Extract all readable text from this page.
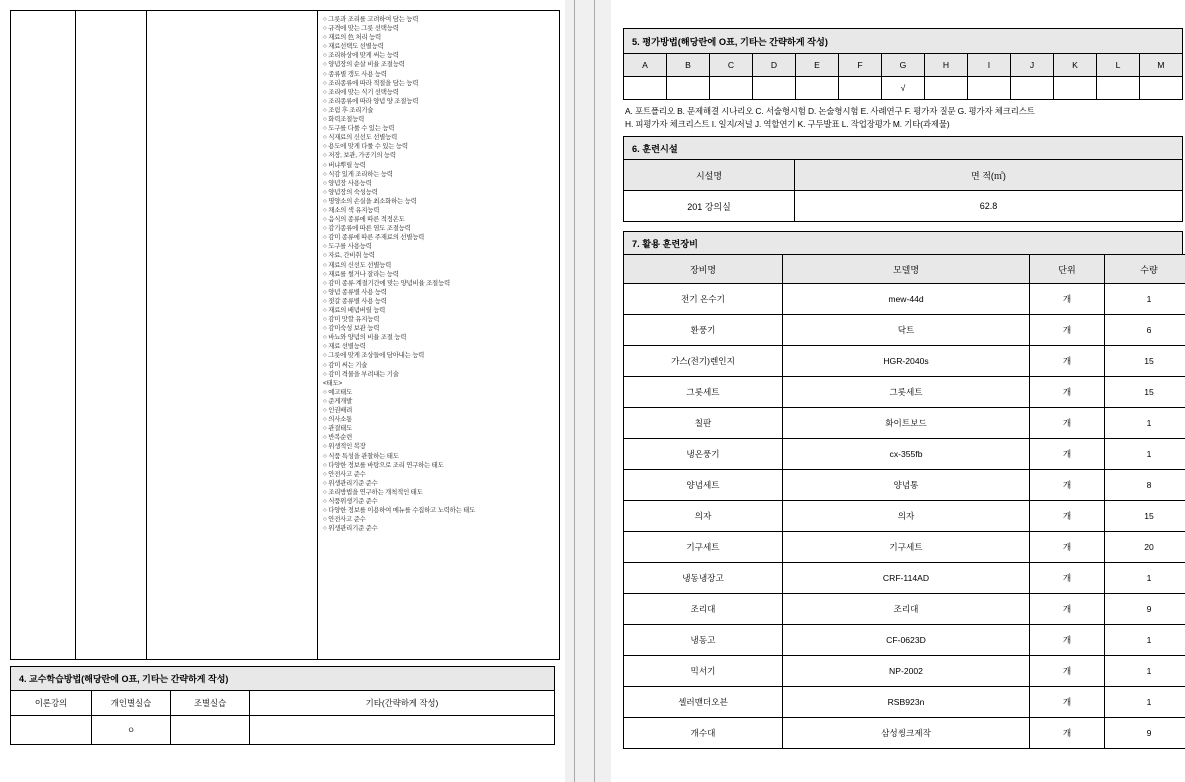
○ 그릇과 조리를 고려하여 담는 능력
○ 규격에 맞는 그릇 선택능력
○ 재료의 色 처리 능력
○ 재료선택도 선별능력
○ 조리하상에 맞게 써는 능력
○ 양념장의 순살 비율 조절능력
○ 종류별 갱도 사용 능력
○ 조리종류에 따라 적절을 담는 능력
○ 조리에 맞는 식기 선택능력
○ 조리종류에 따라 양념 양 조절능력
○ 조림 후 조리기술
○ 화력조절능력
○ 도구를 다룰 수 있는 능력
○ 식재료의 신선도 선별능력
○ 용도에 맞게 다룰 수 있는 능력
○ 저장, 보관, 가공기의 능력
○ 버냐뿌릴 능력
○ 식감 있게 조리하는 능력
○ 양념장 사용능력
○ 양념장의 숙성능력
○ 명양소의 손실을 최소화하는 능력
○ 채소의 색 유지능력
○ 음식의 종류에 따른 적정온도
○ 감기종류에 따른 염도 조절능력
○ 감미 종류에 따른 주재료의 선별능력
○ 도구를 사용능력
○ 자료, 간비취 능력
○ 재료의 신선도 선별능력
○ 재료를 썰거나 잘라는 능력
○ 감미 종류·계절기간에 맞는 양념비율 조절능력
○ 양념 종류별 사용 능력
○ 젓갈 종류별 사용 능력
○ 재료의 배념버릴 능력
○ 감미 맛깔 유지능력
○ 감미숙성 보관 능력
○ 바뇨와 양념의 비율 조절 능력
○ 재료 선별능력
○ 그릇에 맞게 조상들에 담아내는 능력
○ 감미 써는 기술
○ 감미 격물을 부려내는 기술
<태도>
○ 예고태도
○ 준게개발
○ 인권배려
○ 의사소통
○ 관결태도
○ 반복순련
○ 위생적인 복장
○ 식품 특성을 관찰하는 태도
○ 다양한 정보를 바탕으로 조리 연구하는 태도
○ 안전사고 준수
○ 위생관리기준 준수
○ 조리방법을 연구하는 개척적인 태도
○ 식품위생기준 준수
○ 다양한 정보를 이용하여 메뉴를 수집하고 노력하는 태도
○ 안전사고 준수
○ 위생관리기준 준수
4. 교수학습방법(해당란에 O표, 기타는 간략하게 작성)
이론강의	개인별실습	조별실습	기타(간략하게 작성)
	ㅇ		
5. 평가방법(해당란에 O표, 기타는 간략하게 작성)
A	B	C	D	E	F	G	H	I	J	K	L	M
						√						
A. 포트폴리오 B. 문제해결 시나리오 C. 서술형시험 D. 논술형시험 E. 사례연구 F. 평가자 질문 G. 평가자 체크리스트
H. 피평가자 체크리스트 I. 일지/저널 J. 역할연기 K. 구두발표 L. 작업장평가 M. 기타(과제물)
6. 훈련시설
시설명	면 적(㎡)
201 강의실	62.8
7. 활용 훈련장비
장비명	모델명	단위	수량
전기 온수기	mew-44d	개	1
환풍기	닥트	개	6
가스(전기)렌인지	HGR-2040s	개	15
그롯세트	그롯세트	개	15
칠판	화이트보드	개	1
냉온풍기	cx-355fb	개	1
양념세트	양념통	개	8
의자	의자	개	15
기구세트	기구세트	개	20
냉동냉장고	CRF-114AD	개	1
조리대	조리대	개	9
냉동고	CF-0623D	개	1
믹서기	NP-2002	개	1
셀러맨더오븐	RSB923n	개	1
개수대	삼성씽크제작	개	9
